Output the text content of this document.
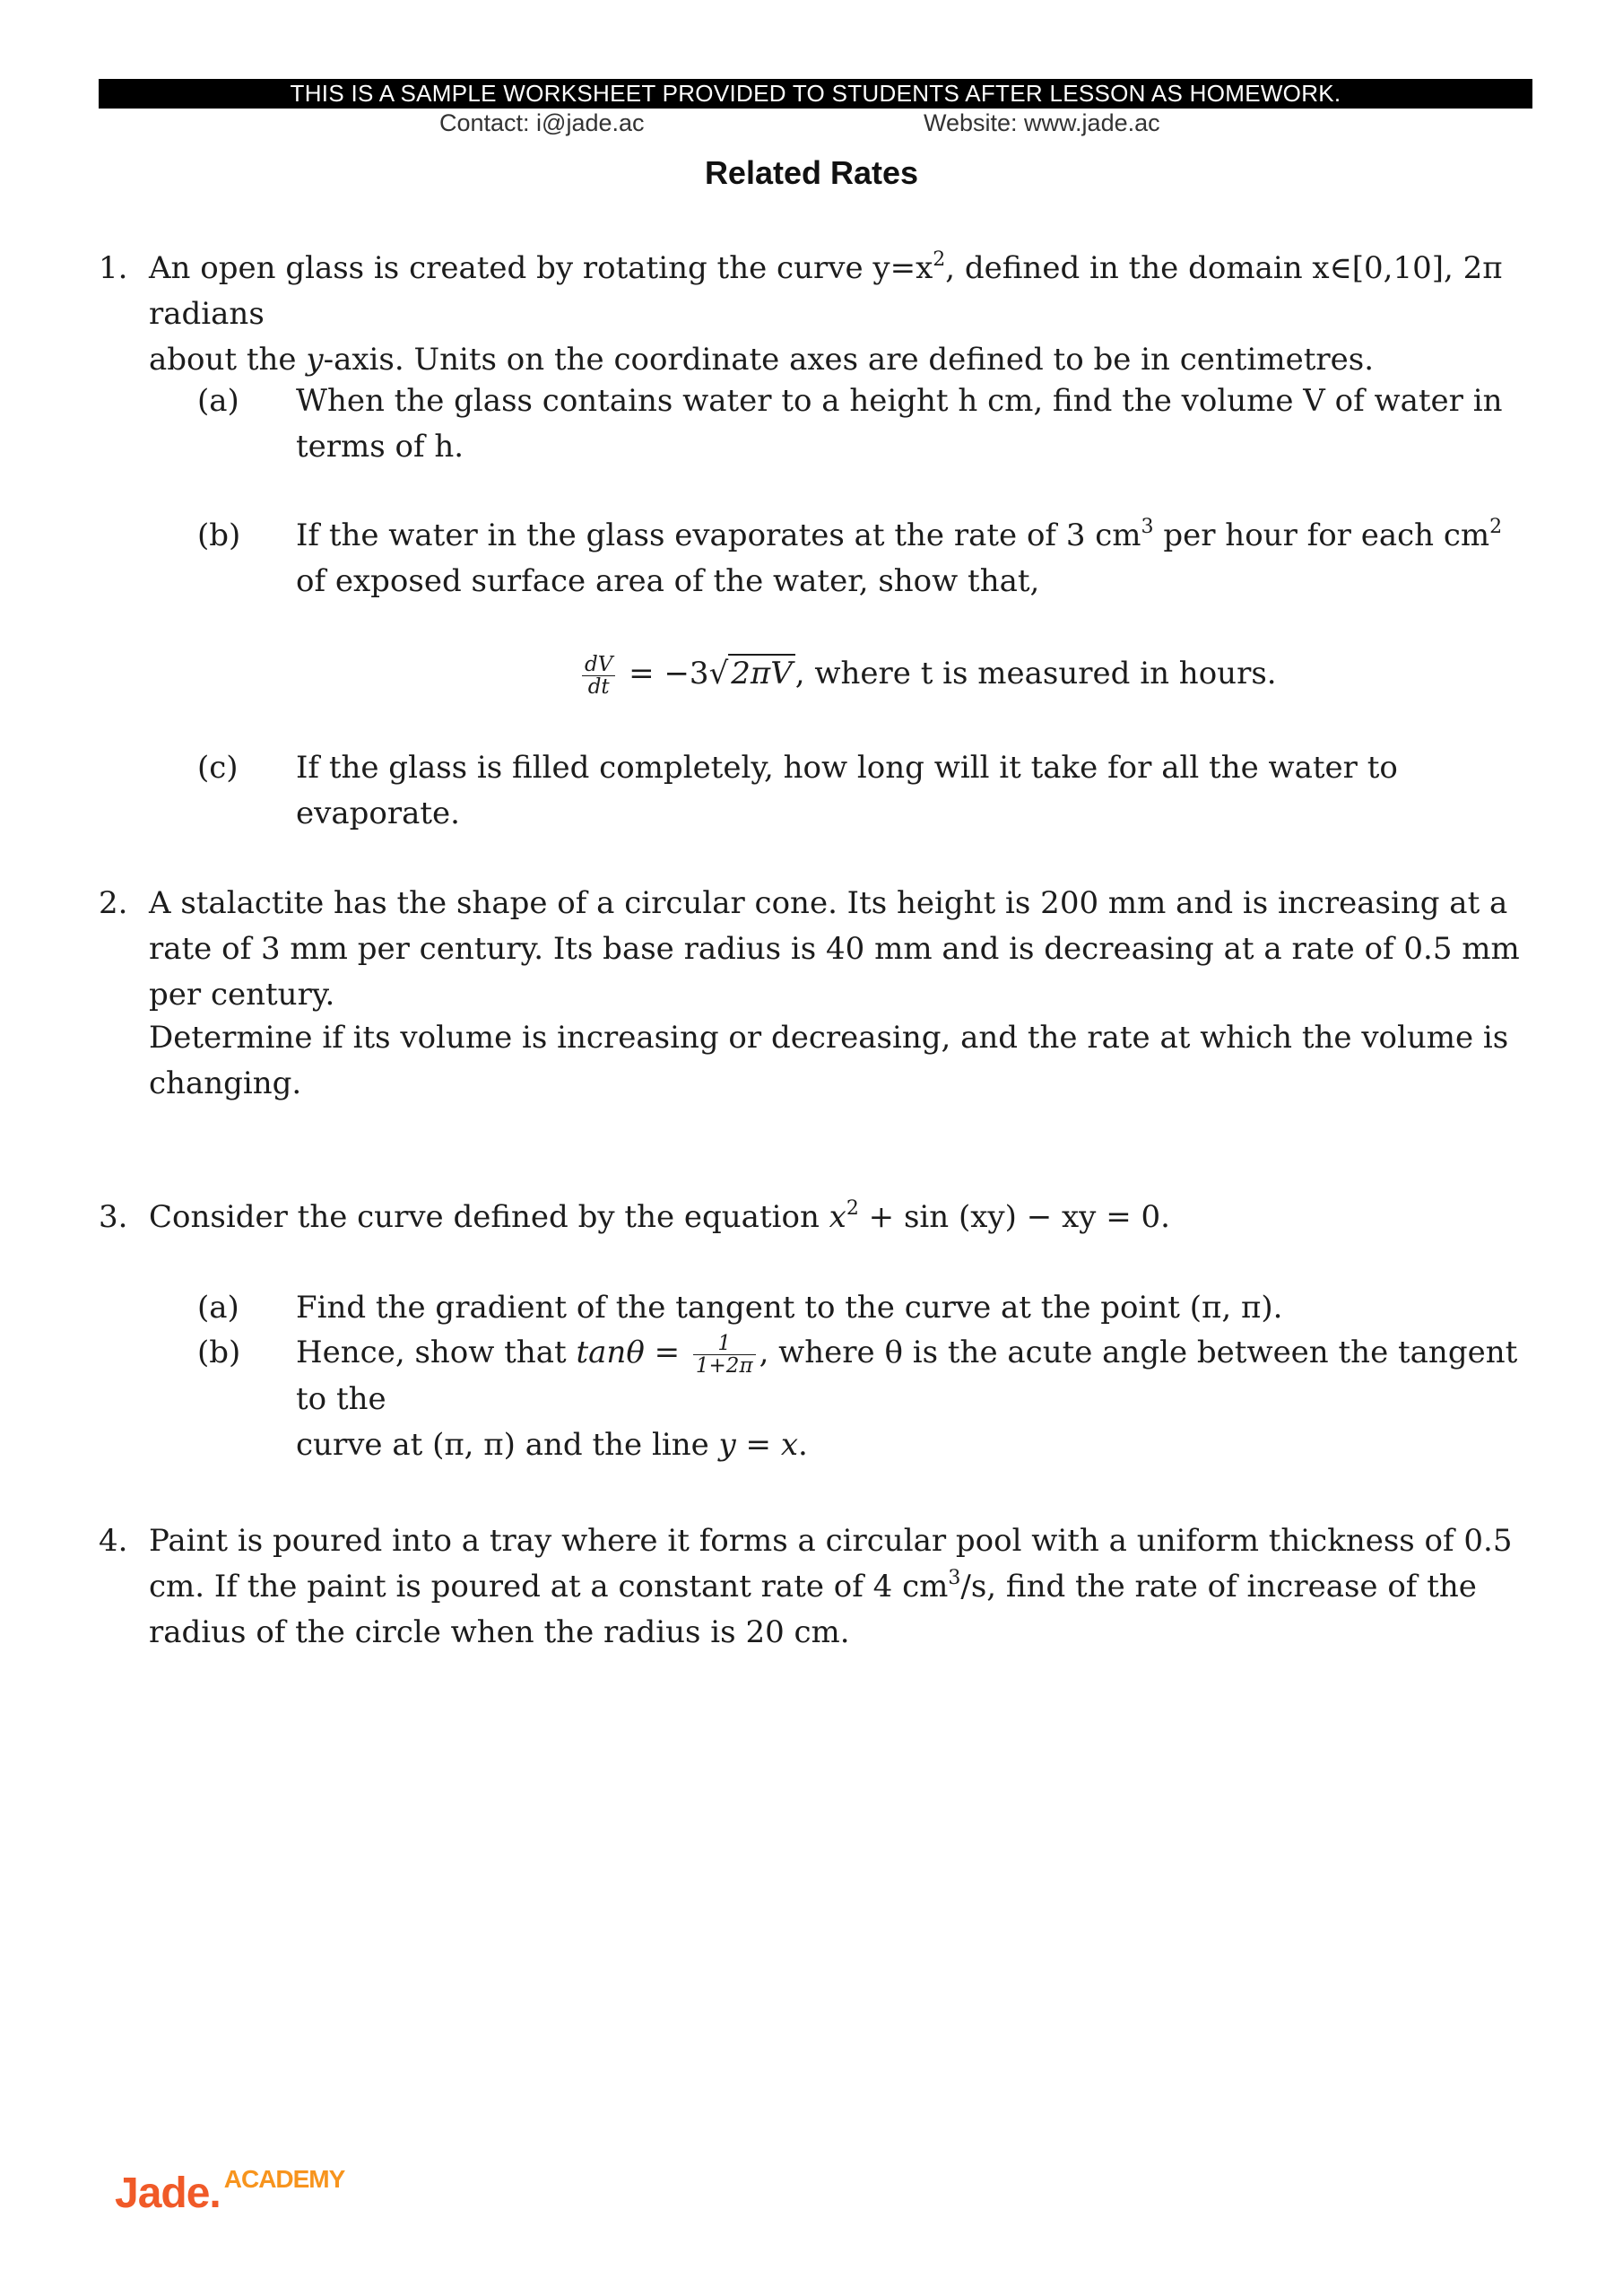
THIS IS A SAMPLE WORKSHEET PROVIDED TO STUDENTS AFTER LESSON AS HOMEWORK.
Contact: i@jade.ac	Website: www.jade.ac
Related Rates
1. An open glass is created by rotating the curve $y=x^2$, defined in the domain x∈[0,10], 2π radians
about the y-axis. Units on the coordinate axes are defined to be in centimetres.
(a) When the glass contains water to a height h cm, find the volume V of water in terms of h.
(b) If the water in the glass evaporates at the rate of 3 $cm^3$ per hour for each $cm^2$ of exposed surface area of the water, show that,
$\frac{dV}{dt} = -3√2\pi V$, where t is measured in hours.
(c) If the glass is filled completely, how long will it take for all the water to evaporate.
2. A stalactite has the shape of a circular cone. Its height is 200 mm and is increasing at a rate of 3 mm per century. Its base radius is 40 mm and is decreasing at a rate of 0.5 mm per century.
Determine if its volume is increasing or decreasing, and the rate at which the volume is changing.
3. Consider the curve defined by the equation $x^2 + \sin (xy)$ − xy = 0.
(a) Find the gradient of the tangent to the curve at the point (π, π).
(b) Hence, show that $\tan\theta = \frac{1}{1+2\pi}$ , where θ is the acute angle between the tangent to the
curve at (π, π) and the line y = x.
4. Paint is poured into a tray where it forms a circular pool with a uniform thickness of 0.5 cm. If the paint is poured at a constant rate of 4 $cm^3/s$, find the rate of increase of the radius of the circle when the radius is 20 cm.
Jade. ACADEMY
